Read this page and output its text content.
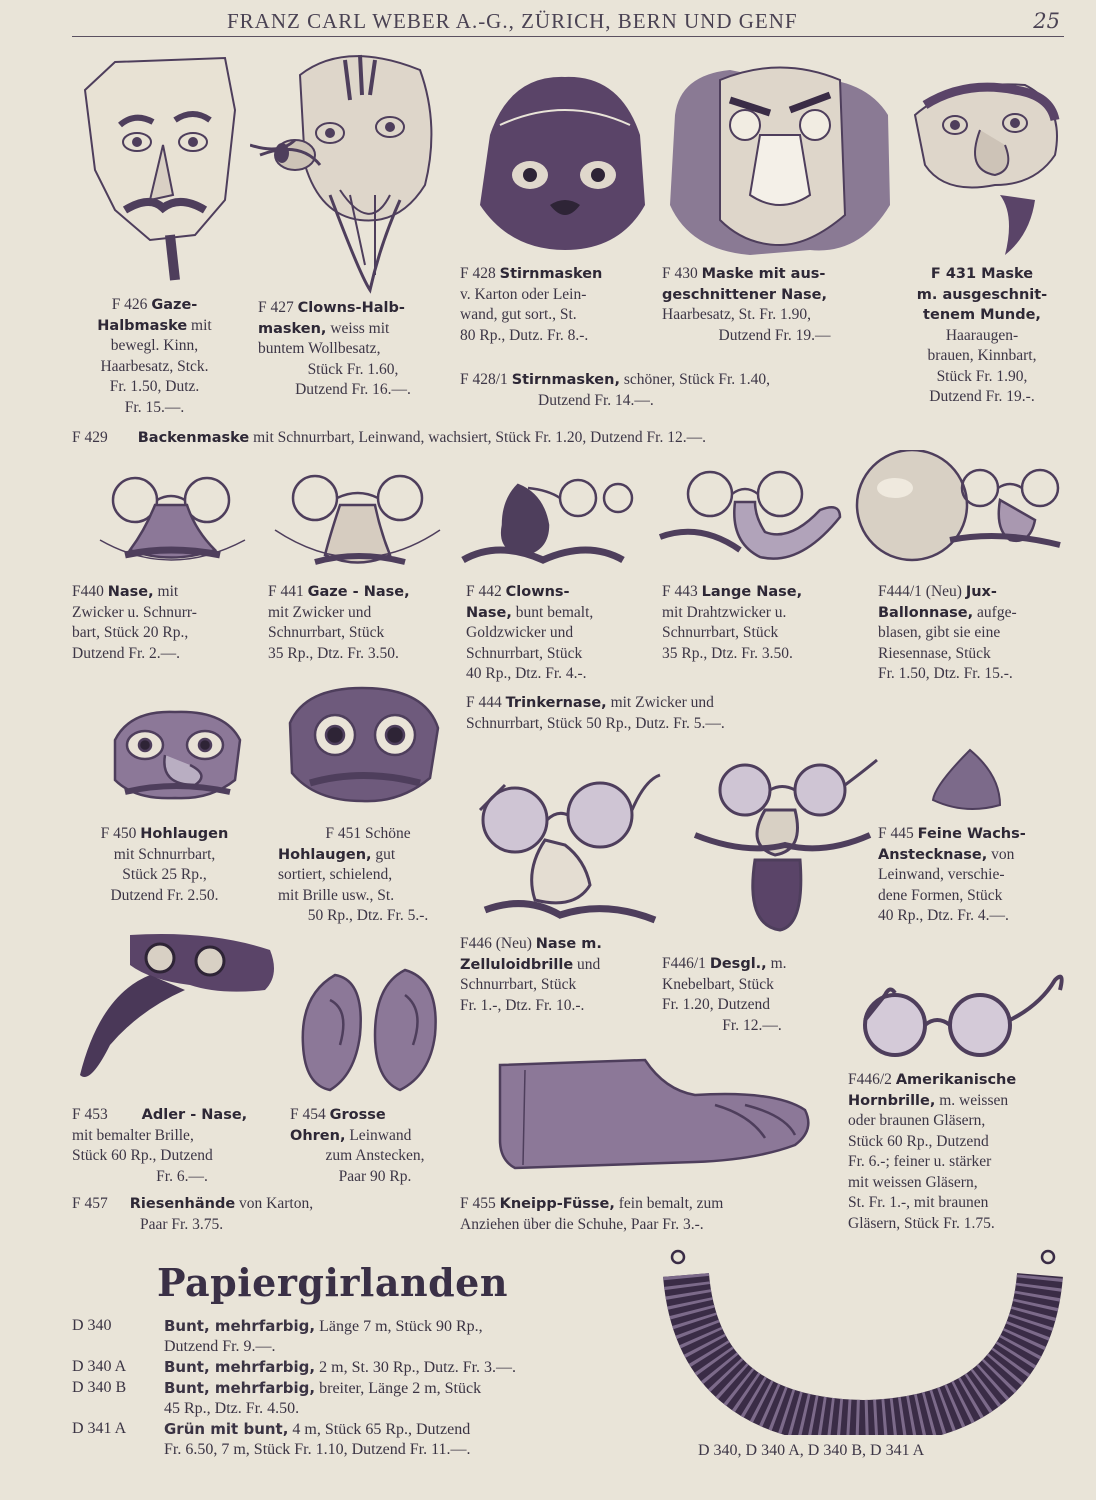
FRANZ CARL WEBER A.-G., ZÜRICH, BERN UND GENF	25
F 426 Gaze-
Halbmaske mit
bewegl. Kinn,
Haarbesatz, Stck.
Fr. 1.50, Dutz.
Fr. 15.—.
F 427 Clowns-Halb-
masken, weiss mit
buntem Wollbesatz,
Stück Fr. 1.60,
Dutzend Fr. 16.—.
F 428 Stirnmasken
v. Karton oder Lein-
wand, gut sort., St.
80 Rp., Dutz. Fr. 8.-.
F 430 Maske mit aus-
geschnittener Nase,
Haarbesatz, St. Fr. 1.90,
Dutzend Fr. 19.—
F 431 Maske
m. ausgeschnit-
tenem Munde,
Haaraugen-
brauen, Kinnbart,
Stück Fr. 1.90,
Dutzend Fr. 19.-.
F 428/1 Stirnmasken, schöner, Stück Fr. 1.40,
Dutzend Fr. 14.—.
F 429 Backenmaske mit Schnurrbart, Leinwand, wachsiert, Stück Fr. 1.20, Dutzend Fr. 12.—.
F440 Nase, mit
Zwicker u. Schnurr-
bart, Stück 20 Rp.,
Dutzend Fr. 2.—.
F 441 Gaze - Nase,
mit Zwicker und
Schnurrbart, Stück
35 Rp., Dtz. Fr. 3.50.
F 442 Clowns-
Nase, bunt bemalt,
Goldzwicker und
Schnurrbart, Stück
40 Rp., Dtz. Fr. 4.-.
F 443 Lange Nase,
mit Drahtzwicker u.
Schnurrbart, Stück
35 Rp., Dtz. Fr. 3.50.
F444/1 (Neu) Jux-
Ballonnase, aufge-
blasen, gibt sie eine
Riesennase, Stück
Fr. 1.50, Dtz. Fr. 15.-.
F 444 Trinkernase, mit Zwicker und
Schnurrbart, Stück 50 Rp., Dutz. Fr. 5.—.
F 450 Hohlaugen
mit Schnurrbart,
Stück 25 Rp.,
Dutzend Fr. 2.50.
F 451 Schöne
Hohlaugen, gut
sortiert, schielend,
mit Brille usw., St.
50 Rp., Dtz. Fr. 5.-.
F 445 Feine Wachs-
Anstecknase, von
Leinwand, verschie-
dene Formen, Stück
40 Rp., Dtz. Fr. 4.—.
F446 (Neu) Nase m.
Zelluloidbrille und
Schnurrbart, Stück
Fr. 1.-, Dtz. Fr. 10.-.
F446/1 Desgl., m.
Knebelbart, Stück
Fr. 1.20, Dutzend
Fr. 12.—.
F 453 Adler - Nase,
mit bemalter Brille,
Stück 60 Rp., Dutzend
Fr. 6.—.
F 454 Grosse
Ohren, Leinwand
zum Anstecken,
Paar 90 Rp.
F 457 Riesenhände von Karton,
Paar Fr. 3.75.
F 455 Kneipp-Füsse, fein bemalt, zum
Anziehen über die Schuhe, Paar Fr. 3.-.
F446/2 Amerikanische
Hornbrille, m. weissen
oder braunen Gläsern,
Stück 60 Rp., Dutzend
Fr. 6.-; feiner u. stärker
mit weissen Gläsern,
St. Fr. 1.-, mit braunen
Gläsern, Stück Fr. 1.75.
Papiergirlanden
D 340	Bunt, mehrfarbig, Länge 7 m, Stück 90 Rp.,
Dutzend Fr. 9.—.
D 340 A	Bunt, mehrfarbig, 2 m, St. 30 Rp., Dutz. Fr. 3.—.
D 340 B	Bunt, mehrfarbig, breiter, Länge 2 m, Stück
45 Rp., Dtz. Fr. 4.50.
D 341 A	Grün mit bunt, 4 m, Stück 65 Rp., Dutzend
Fr. 6.50, 7 m, Stück Fr. 1.10, Dutzend Fr. 11.—.	D 340, D 340 A, D 340 B, D 341 A
